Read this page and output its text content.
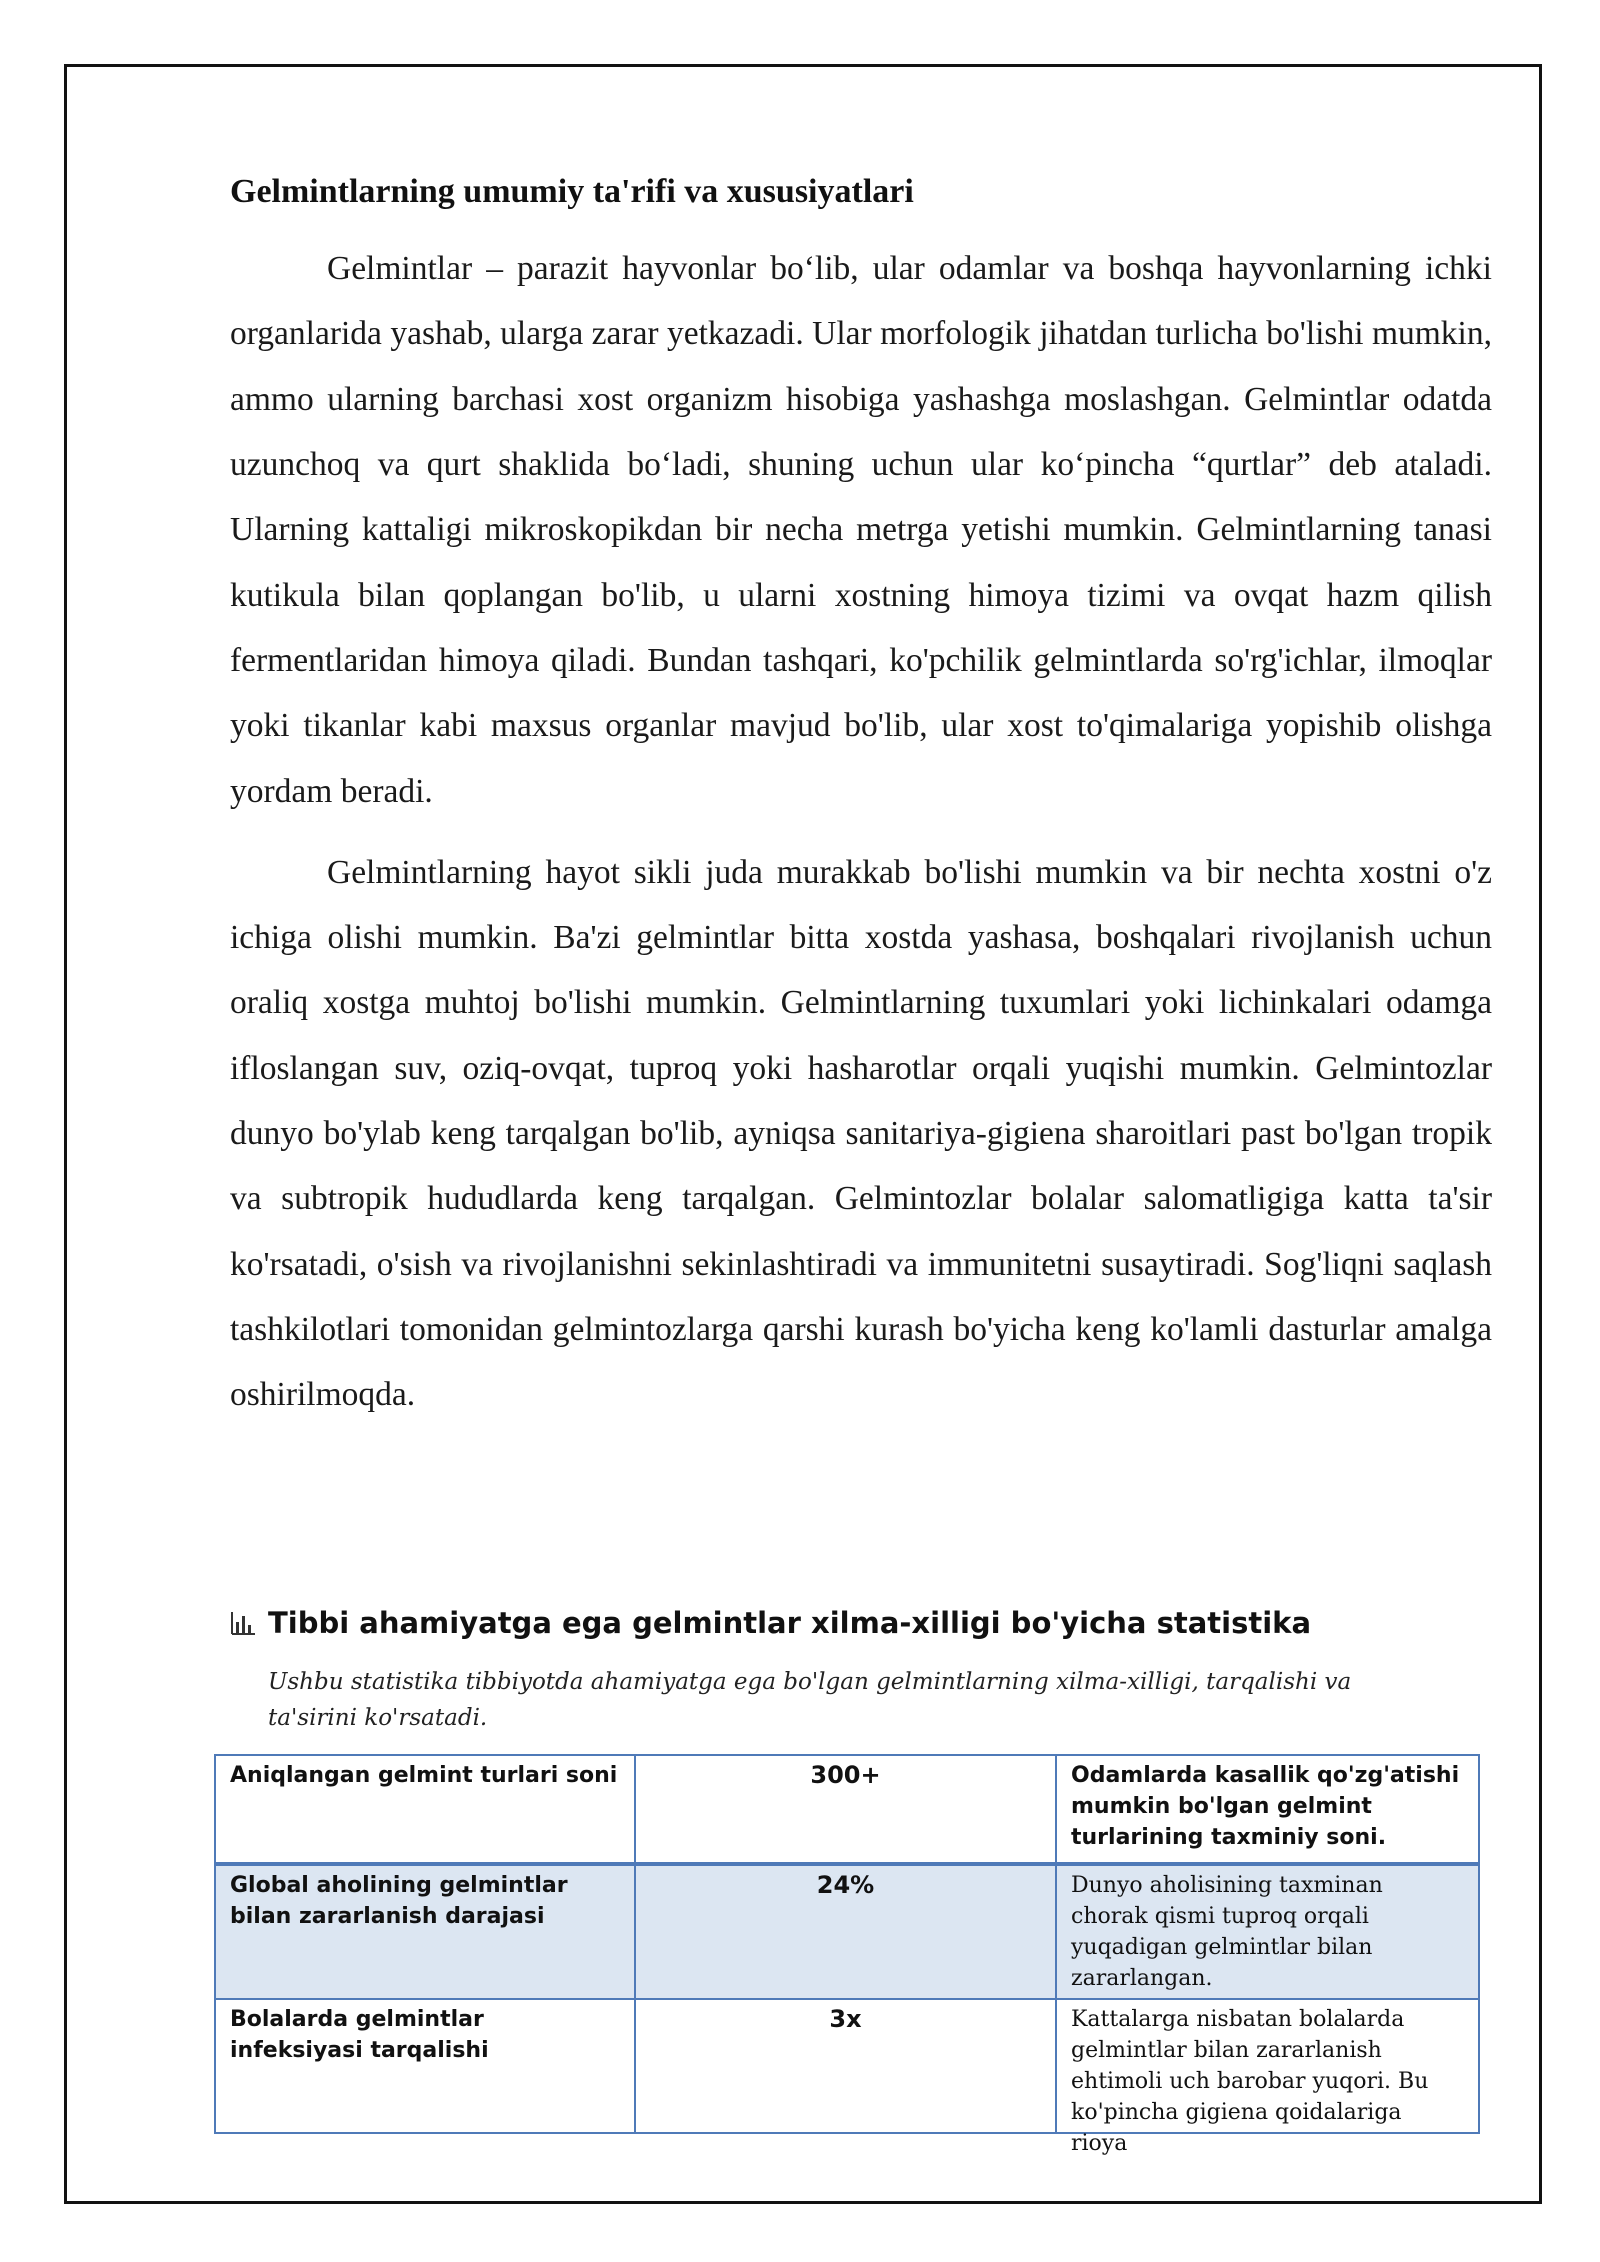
Gelmintlarning umumiy ta'rifi va xususiyatlari

Gelmintlar – parazit hayvonlar bo‘lib, ular odamlar va boshqa hayvonlarning ichki organlarida yashab, ularga zarar yetkazadi. Ular morfologik jihatdan turlicha bo'lishi mumkin, ammo ularning barchasi xost organizm hisobiga yashashga moslashgan. Gelmintlar odatda uzunchoq va qurt shaklida bo‘ladi, shuning uchun ular ko‘pincha “qurtlar” deb ataladi. Ularning kattaligi mikroskopikdan bir necha metrga yetishi mumkin. Gelmintlarning tanasi kutikula bilan qoplangan bo'lib, u ularni xostning himoya tizimi va ovqat hazm qilish fermentlaridan himoya qiladi. Bundan tashqari, ko'pchilik gelmintlarda so'rg'ichlar, ilmoqlar yoki tikanlar kabi maxsus organlar mavjud bo'lib, ular xost to'qimalariga yopishib olishga yordam beradi.

Gelmintlarning hayot sikli juda murakkab bo'lishi mumkin va bir nechta xostni o'z ichiga olishi mumkin. Ba'zi gelmintlar bitta xostda yashasa, boshqalari rivojlanish uchun oraliq xostga muhtoj bo'lishi mumkin. Gelmintlarning tuxumlari yoki lichinkalari odamga ifloslangan suv, oziq-ovqat, tuproq yoki hasharotlar orqali yuqishi mumkin. Gelmintozlar dunyo bo'ylab keng tarqalgan bo'lib, ayniqsa sanitariya-gigiena sharoitlari past bo'lgan tropik va subtropik hududlarda keng tarqalgan. Gelmintozlar bolalar salomatligiga katta ta'sir ko'rsatadi, o'sish va rivojlanishni sekinlashtiradi va immunitetni susaytiradi. Sog'liqni saqlash tashkilotlari tomonidan gelmintozlarga qarshi kurash bo'yicha keng ko'lamli dasturlar amalga oshirilmoqda.

Tibbi ahamiyatga ega gelmintlar xilma-xilligi bo'yicha statistika
Ushbu statistika tibbiyotda ahamiyatga ega bo'lgan gelmintlarning xilma-xilligi, tarqalishi va ta'sirini ko'rsatadi.
Aniqlangan gelmint turlari soni	300+	Odamlarda kasallik qo'zg'atishi mumkin bo'lgan gelmint turlarining taxminiy soni.
Global aholining gelmintlar bilan zararlanish darajasi	24%	Dunyo aholisining taxminan chorak qismi tuproq orqali yuqadigan gelmintlar bilan zararlangan.
Bolalarda gelmintlar infeksiyasi tarqalishi	3x	Kattalarga nisbatan bolalarda gelmintlar bilan zararlanish ehtimoli uch barobar yuqori. Bu ko'pincha gigiena qoidalariga rioya
